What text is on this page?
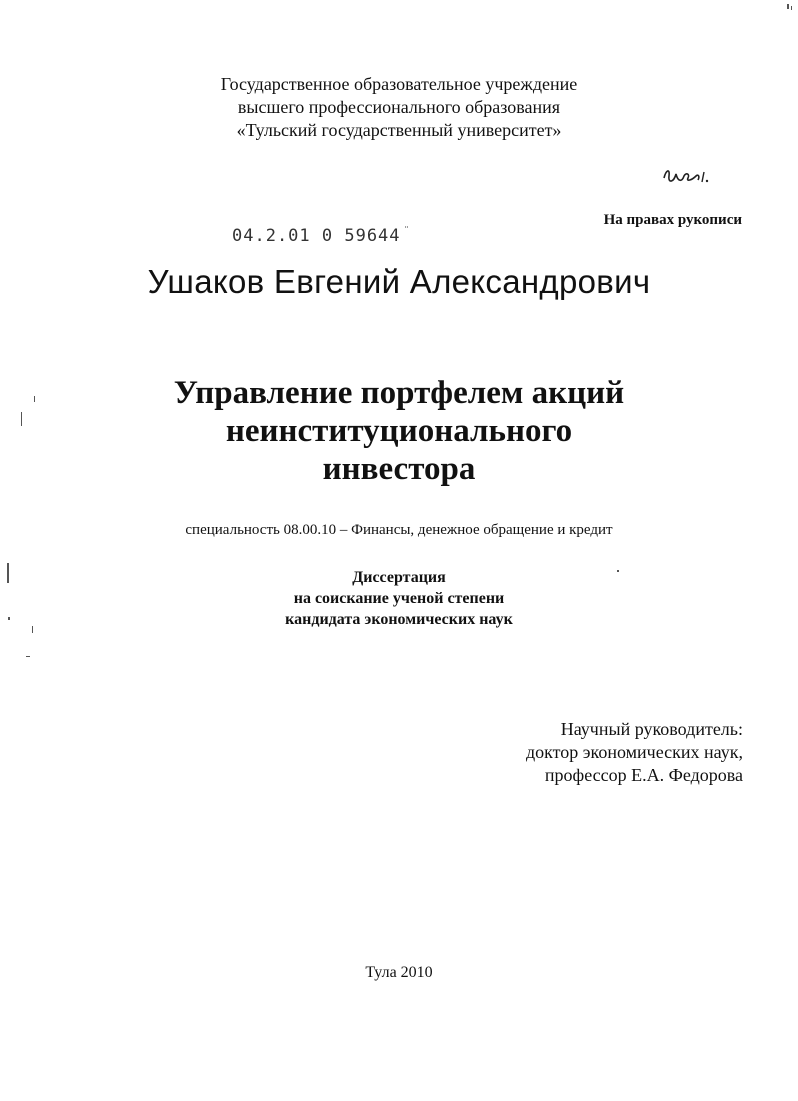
Государственное образовательное учреждение
высшего профессионального образования
«Тульский государственный университет»
На правах рукописи
04.2.01 0 59644 ¨
Ушаков Евгений Александрович
Управление портфелем акций
неинституционального
инвестора
специальность 08.00.10 – Финансы, денежное обращение и кредит
Диссертация
на соискание ученой степени
кандидата экономических наук
Научный руководитель:
доктор экономических наук,
профессор Е.А. Федорова
Тула 2010
